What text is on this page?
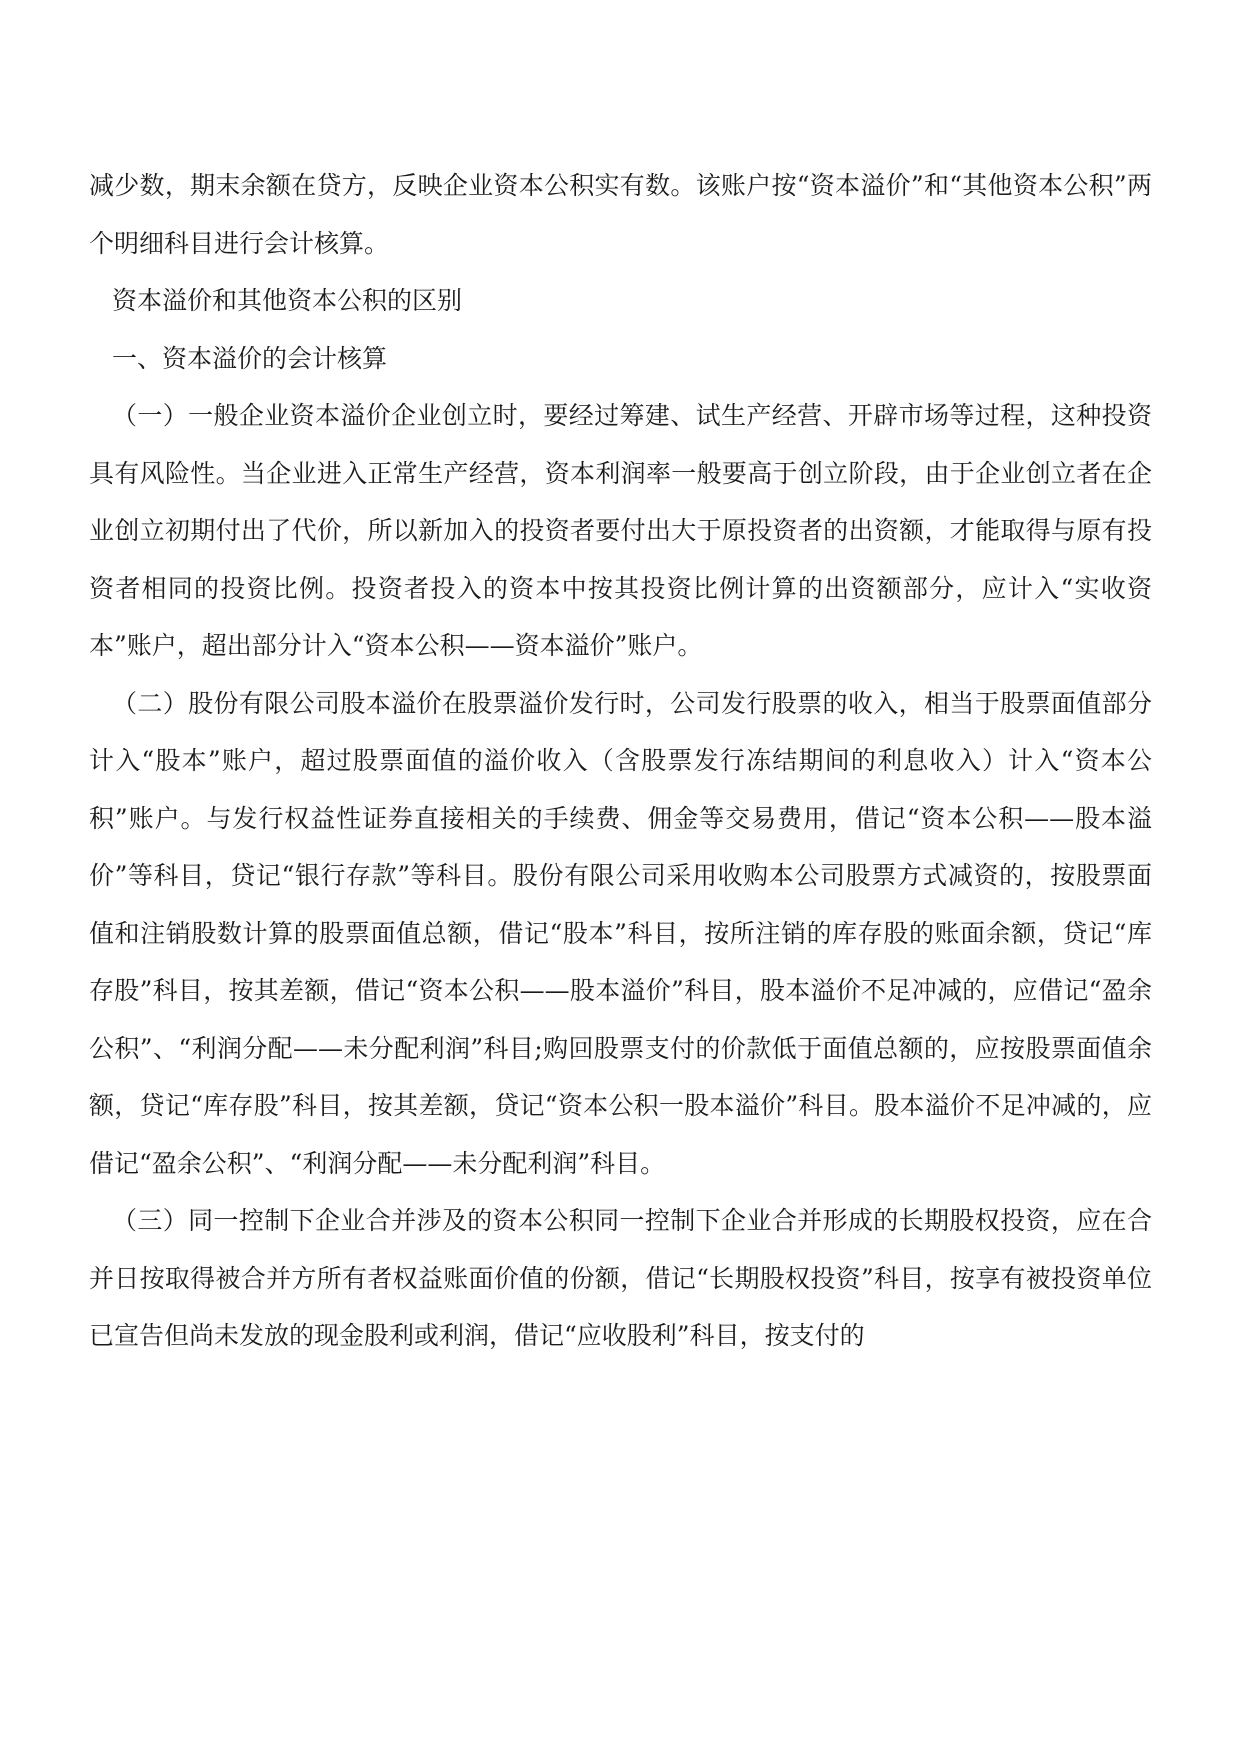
减少数，期末余额在贷方，反映企业资本公积实有数。该账户按“资本溢价”和“其他资本公积”两个明细科目进行会计核算。

资本溢价和其他资本公积的区别

一、资本溢价的会计核算

（一）一般企业资本溢价企业创立时，要经过筹建、试生产经营、开辟市场等过程，这种投资具有风险性。当企业进入正常生产经营，资本利润率一般要高于创立阶段，由于企业创立者在企业创立初期付出了代价，所以新加入的投资者要付出大于原投资者的出资额，才能取得与原有投资者相同的投资比例。投资者投入的资本中按其投资比例计算的出资额部分，应计入“实收资本”账户，超出部分计入“资本公积——资本溢价”账户。

（二）股份有限公司股本溢价在股票溢价发行时，公司发行股票的收入，相当于股票面值部分计入“股本”账户，超过股票面值的溢价收入（含股票发行冻结期间的利息收入）计入“资本公积”账户。与发行权益性证券直接相关的手续费、佣金等交易费用，借记“资本公积——股本溢价”等科目，贷记“银行存款”等科目。股份有限公司采用收购本公司股票方式减资的，按股票面值和注销股数计算的股票面值总额，借记“股本”科目，按所注销的库存股的账面余额，贷记“库存股”科目，按其差额，借记“资本公积——股本溢价”科目，股本溢价不足冲减的，应借记“盈余公积”、“利润分配——未分配利润”科目;购回股票支付的价款低于面值总额的，应按股票面值余额，贷记“库存股”科目，按其差额，贷记“资本公积一股本溢价”科目。股本溢价不足冲减的，应借记“盈余公积”、“利润分配——未分配利润”科目。

（三）同一控制下企业合并涉及的资本公积同一控制下企业合并形成的长期股权投资，应在合并日按取得被合并方所有者权益账面价值的份额，借记“长期股权投资”科目，按享有被投资单位已宣告但尚未发放的现金股利或利润，借记“应收股利”科目，按支付的
